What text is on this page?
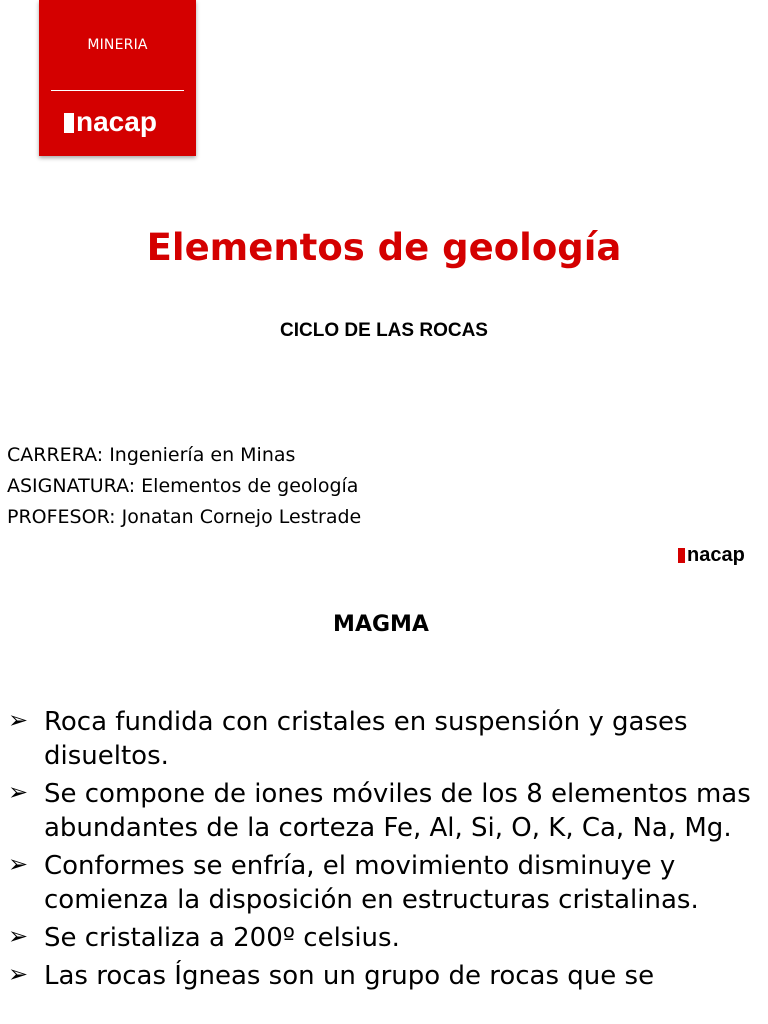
MINERIA
nacap
Elementos de geología
CICLO DE LAS ROCAS
CARRERA: Ingeniería en Minas
ASIGNATURA: Elementos de geología
PROFESOR: Jonatan Cornejo Lestrade
nacap
MAGMA
➢ Roca fundida con cristales en suspensión y gases disueltos.
➢ Se compone de iones móviles de los 8 elementos mas abundantes de la corteza Fe, Al, Si, O, K, Ca, Na, Mg.
➢ Conformes se enfría, el movimiento disminuye y comienza la disposición en estructuras cristalinas.
➢ Se cristaliza a 200º celsius.
➢ Las rocas Ígneas son un grupo de rocas que se
